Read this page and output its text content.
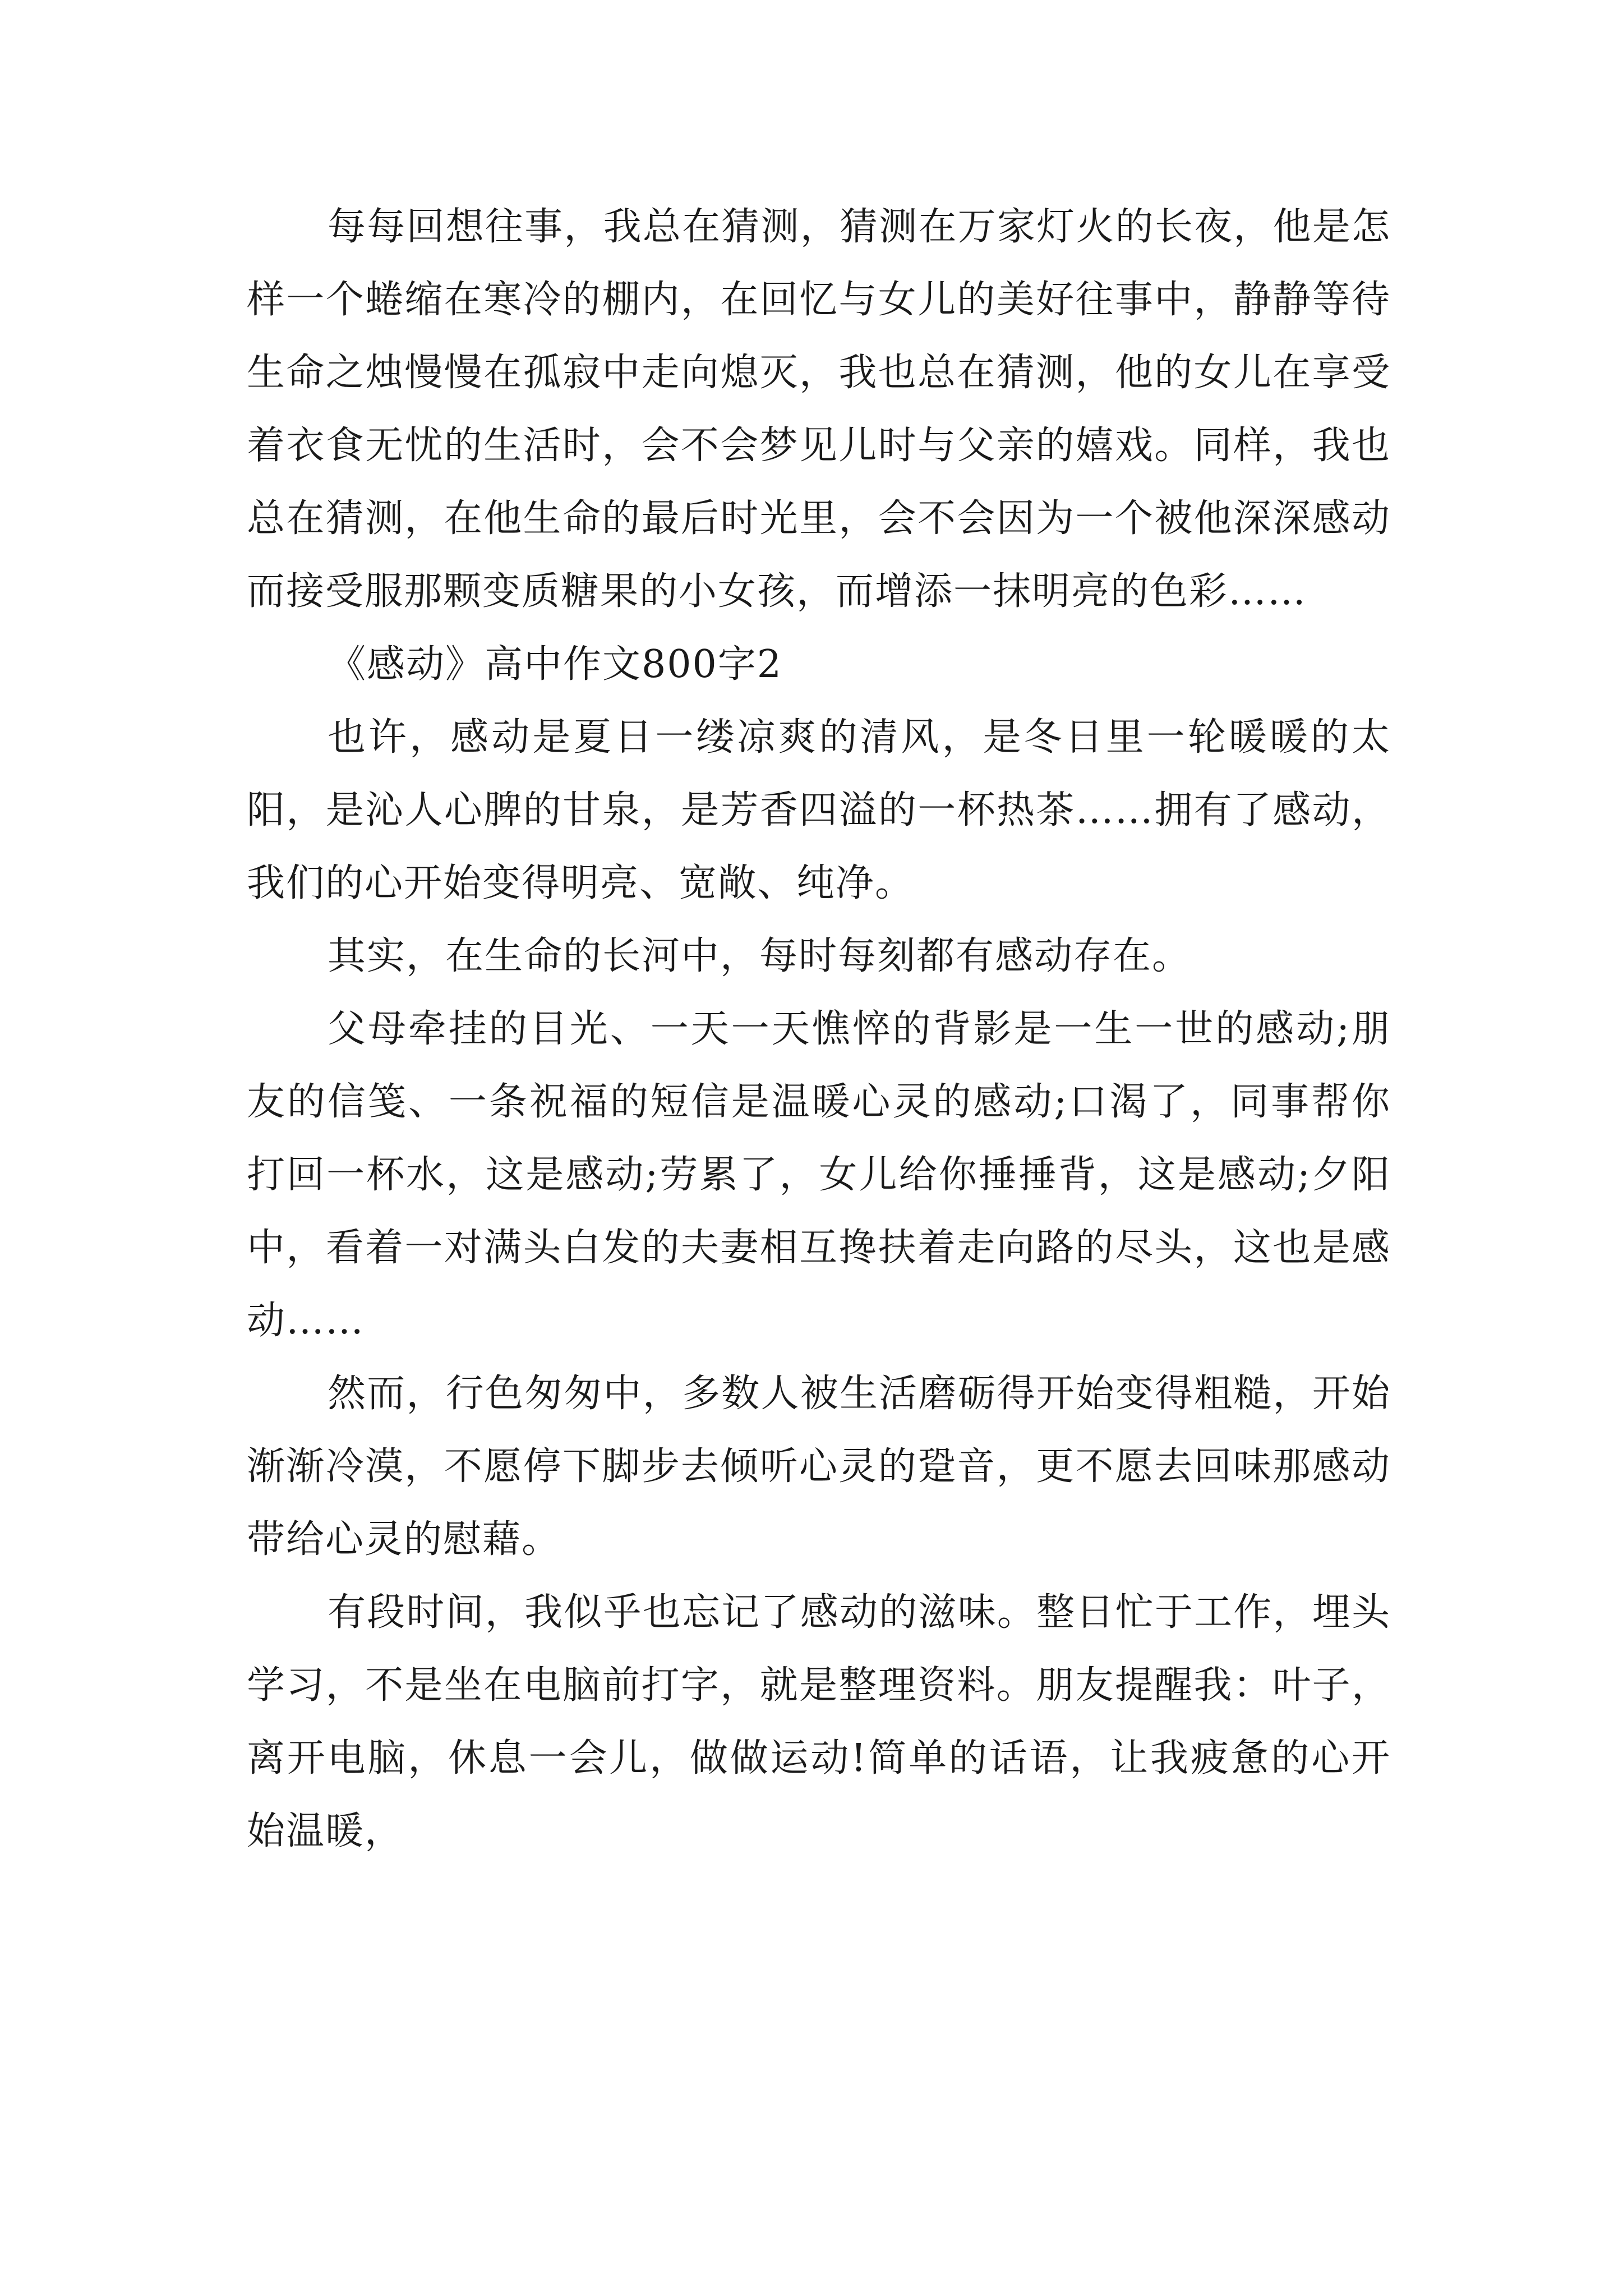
每每回想往事，我总在猜测，猜测在万家灯火的长夜，他是怎样一个蜷缩在寒冷的棚内，在回忆与女儿的美好往事中，静静等待生命之烛慢慢在孤寂中走向熄灭，我也总在猜测，他的女儿在享受着衣食无忧的生活时，会不会梦见儿时与父亲的嬉戏。同样，我也总在猜测，在他生命的最后时光里，会不会因为一个被他深深感动而接受服那颗变质糖果的小女孩，而增添一抹明亮的色彩……

《感动》高中作文800字2

也许，感动是夏日一缕凉爽的清风，是冬日里一轮暖暖的太阳，是沁人心脾的甘泉，是芳香四溢的一杯热茶……拥有了感动，我们的心开始变得明亮、宽敞、纯净。

其实，在生命的长河中，每时每刻都有感动存在。

父母牵挂的目光、一天一天憔悴的背影是一生一世的感动;朋友的信笺、一条祝福的短信是温暖心灵的感动;口渴了，同事帮你打回一杯水，这是感动;劳累了，女儿给你捶捶背，这是感动;夕阳中，看着一对满头白发的夫妻相互搀扶着走向路的尽头，这也是感动……

然而，行色匆匆中，多数人被生活磨砺得开始变得粗糙，开始渐渐冷漠，不愿停下脚步去倾听心灵的跫音，更不愿去回味那感动带给心灵的慰藉。

有段时间，我似乎也忘记了感动的滋味。整日忙于工作，埋头学习，不是坐在电脑前打字，就是整理资料。朋友提醒我：叶子，离开电脑，休息一会儿，做做运动!简单的话语，让我疲惫的心开始温暖，
